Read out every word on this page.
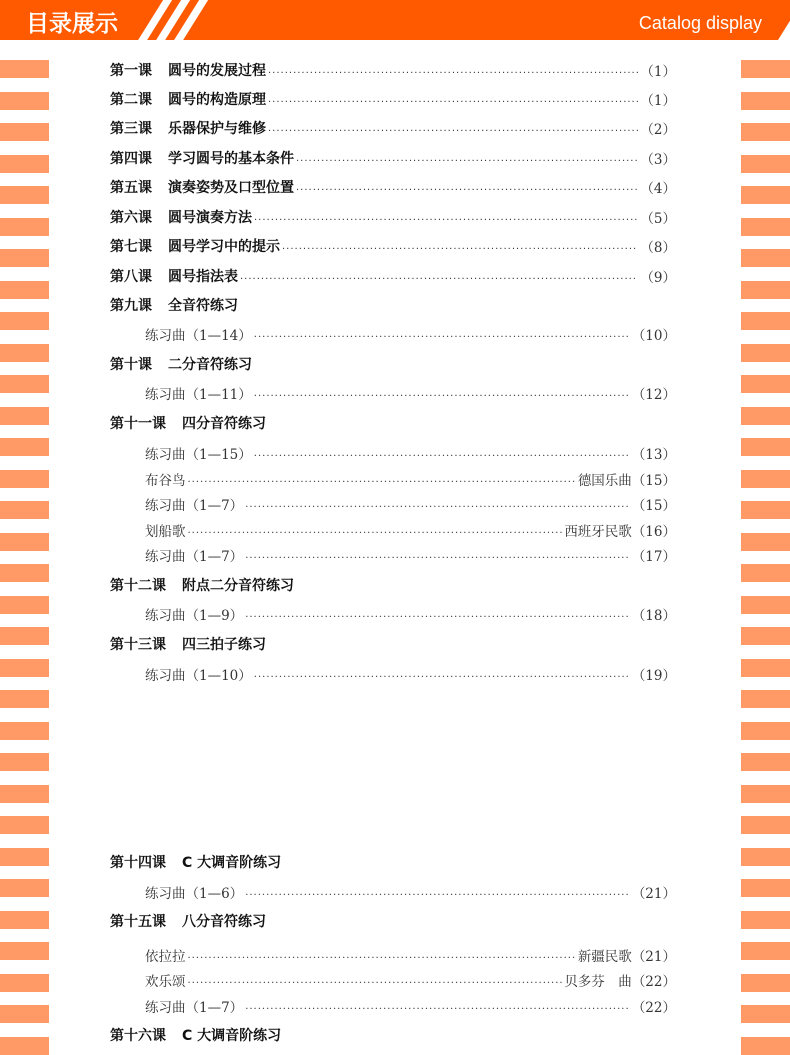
目录展示	Catalog display
第一课 圆号的发展过程 .....	（1）
第二课 圆号的构造原理 .....	（1）
第三课 乐器保护与维修 .....	（2）
第四课 学习圆号的基本条件 .....	（3）
第五课 演奏姿势及口型位置 .....	（4）
第六课 圆号演奏方法 .....	（5）
第七课 圆号学习中的提示 .....	（8）
第八课 圆号指法表 .....	（9）
第九课 全音符练习
练习曲（1—14） .....	（10）
第十课 二分音符练习
练习曲（1—11） .....	（12）
第十一课 四分音符练习
练习曲（1—15） .....	（13）
布谷鸟 .....	德国乐曲 （15）
练习曲（1—7） .....	（15）
划船歌 .....	西班牙民歌 （16）
练习曲（1—7） .....	（17）
第十二课 附点二分音符练习
练习曲（1—9） .....	（18）
第十三课 四三拍子练习
练习曲（1—10） .....	（19）
第十四课 C 大调音阶练习
练习曲（1—6） .....	（21）
第十五课 八分音符练习
依拉拉 .....	新疆民歌 （21）
欢乐颂 .....	贝多芬　曲 （22）
练习曲（1—7） .....	（22）
第十六课 C 大调音阶练习
